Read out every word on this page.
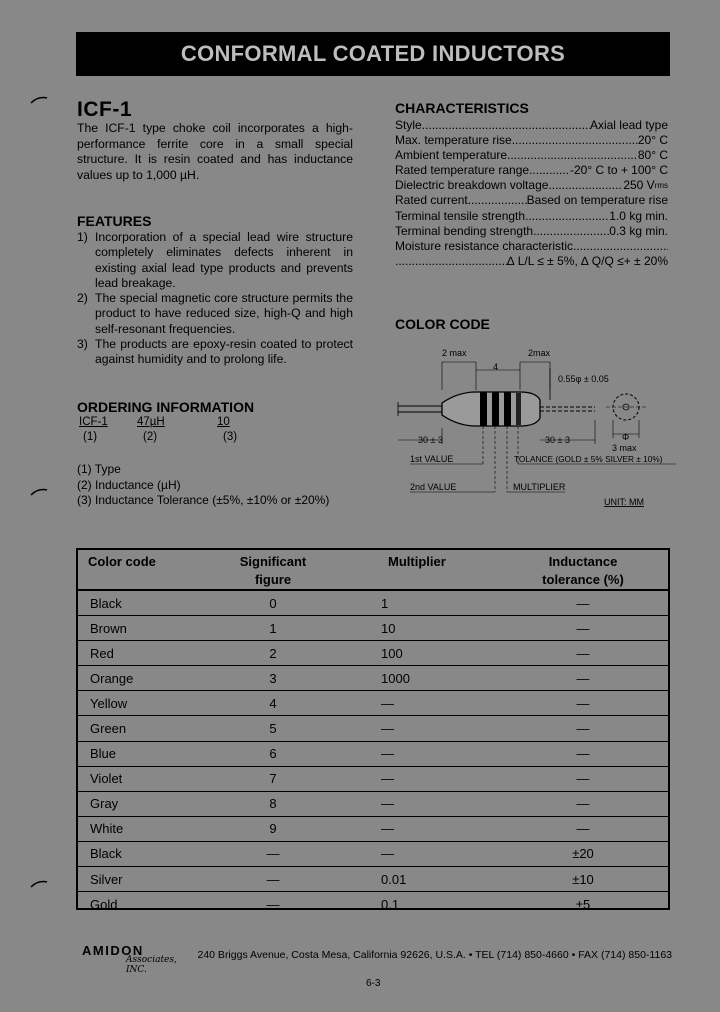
CONFORMAL COATED INDUCTORS
ICF-1
The ICF-1 type choke coil incorporates a high-performance ferrite core in a small special structure. It is resin coated and has inductance values up to 1,000 µH.
FEATURES
1) Incorporation of a special lead wire structure completely eliminates defects inherent in existing axial lead type products and prevents lead breakage.
2) The special magnetic core structure permits the product to have reduced size, high-Q and high self-resonant frequencies.
3) The products are epoxy-resin coated to protect against humidity and to prolong life.
ORDERING INFORMATION
ICF-1	47µH	10
(1)	(2)	(3)
(1) Type
(2) Inductance (µH)
(3) Inductance Tolerance (±5%, ±10% or ±20%)
CHARACTERISTICS
Style .....	Axial lead type
Max. temperature rise .....	20° C
Ambient temperature .....	80° C
Rated temperature range .....	-20° C to + 100° C
Dielectric breakdown voltage .....	250 V rms
Rated current .....	Based on temperature rise
Terminal tensile strength .....	1.0 kg min.
Terminal bending strength .....	0.3 kg min.
Moisture resistance characteristic
.....
.....
∆ L/L ≤ ± 5%, ∆ Q/Q ≤+ ± 20%
COLOR CODE
Φ
3 max
2 max
4
2max
0.55φ ± 0.05
30 ± 3	30 ± 3
1st VALUE
2nd VALUE	MULTIPLIER
TOLANCE (GOLD ± 5% SILVER ± 10%)
UNIT: MM
Color code	Significant figure	Multiplier	Inductance tolerance (%)

Black	0	1	—
Brown	1	10	—
Red	2	100	—
Orange	3	1000	—
Yellow	4	—	—
Green	5	—	—
Blue	6	—	—
Violet	7	—	—
Gray	8	—	—
White	9	—	—
Black	—	—	±20
Silver	—	0.01	±10
Gold	—	0.1	±5
AMIDON
Associates, INC.
240 Briggs Avenue, Costa Mesa, California 92626, U.S.A. • TEL (714) 850-4660 • FAX (714) 850-1163
6-3
